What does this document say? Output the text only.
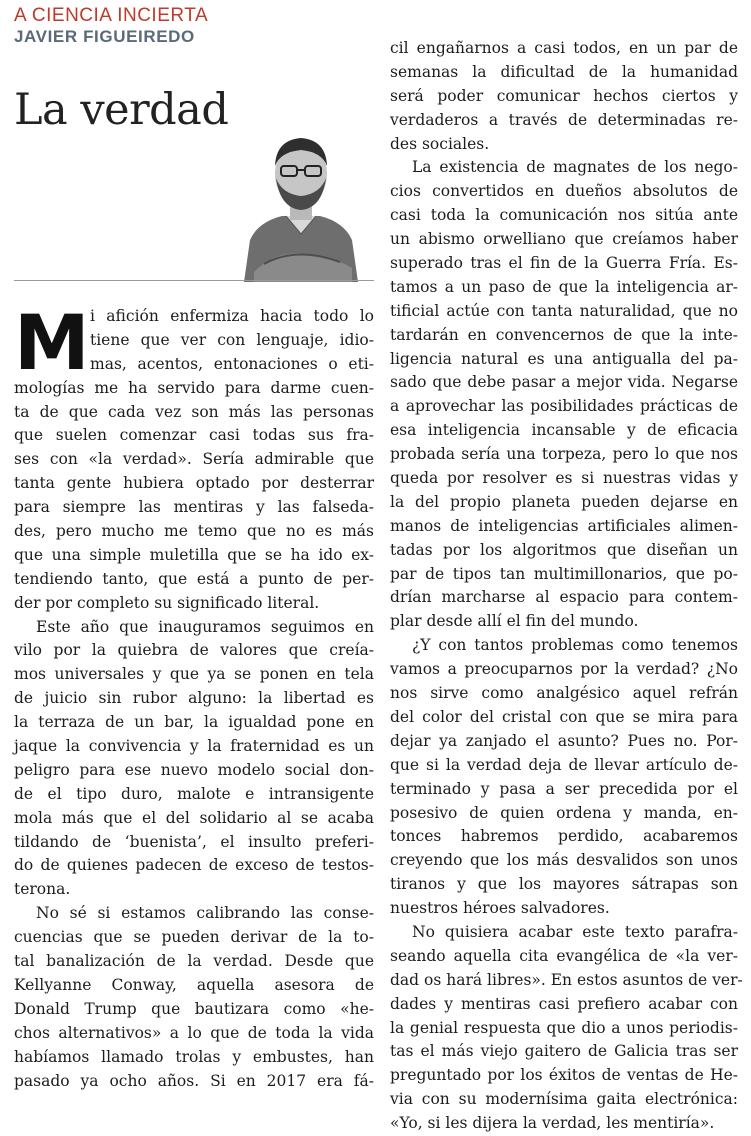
A CIENCIA INCIERTA
JAVIER FIGUEIREDO
La verdad
M i afición enfermiza hacia todo lo
tiene que ver con lenguaje, idio-
mas, acentos, entonaciones o eti-
mologías me ha servido para darme cuen-
ta de que cada vez son más las personas
que suelen comenzar casi todas sus fra-
ses con «la verdad». Sería admirable que
tanta gente hubiera optado por desterrar
para siempre las mentiras y las falseda-
des, pero mucho me temo que no es más
que una simple muletilla que se ha ido ex-
tendiendo tanto, que está a punto de per-
der por completo su significado literal.
Este año que inauguramos seguimos en
vilo por la quiebra de valores que creía-
mos universales y que ya se ponen en tela
de juicio sin rubor alguno: la libertad es
la terraza de un bar, la igualdad pone en
jaque la convivencia y la fraternidad es un
peligro para ese nuevo modelo social don-
de el tipo duro, malote e intransigente
mola más que el del solidario al se acaba
tildando de ‘buenista’, el insulto preferi-
do de quienes padecen de exceso de testos-
terona.
No sé si estamos calibrando las conse-
cuencias que se pueden derivar de la to-
tal banalización de la verdad. Desde que
Kellyanne Conway, aquella asesora de
Donald Trump que bautizara como «he-
chos alternativos» a lo que de toda la vida
habíamos llamado trolas y embustes, han
pasado ya ocho años. Si en 2017 era fá-
cil engañarnos a casi todos, en un par de
semanas la dificultad de la humanidad
será poder comunicar hechos ciertos y
verdaderos a través de determinadas re-
des sociales.
La existencia de magnates de los nego-
cios convertidos en dueños absolutos de
casi toda la comunicación nos sitúa ante
un abismo orwelliano que creíamos haber
superado tras el fin de la Guerra Fría. Es-
tamos a un paso de que la inteligencia ar-
tificial actúe con tanta naturalidad, que no
tardarán en convencernos de que la inte-
ligencia natural es una antigualla del pa-
sado que debe pasar a mejor vida. Negarse
a aprovechar las posibilidades prácticas de
esa inteligencia incansable y de eficacia
probada sería una torpeza, pero lo que nos
queda por resolver es si nuestras vidas y
la del propio planeta pueden dejarse en
manos de inteligencias artificiales alimen-
tadas por los algoritmos que diseñan un
par de tipos tan multimillonarios, que po-
drían marcharse al espacio para contem-
plar desde allí el fin del mundo.
¿Y con tantos problemas como tenemos
vamos a preocuparnos por la verdad? ¿No
nos sirve como analgésico aquel refrán
del color del cristal con que se mira para
dejar ya zanjado el asunto? Pues no. Por-
que si la verdad deja de llevar artículo de-
terminado y pasa a ser precedida por el
posesivo de quien ordena y manda, en-
tonces habremos perdido, acabaremos
creyendo que los más desvalidos son unos
tiranos y que los mayores sátrapas son
nuestros héroes salvadores.
No quisiera acabar este texto parafra-
seando aquella cita evangélica de «la ver-
dad os hará libres». En estos asuntos de ver-
dades y mentiras casi prefiero acabar con
la genial respuesta que dio a unos periodis-
tas el más viejo gaitero de Galicia tras ser
preguntado por los éxitos de ventas de He-
via con su modernísima gaita electrónica:
«Yo, si les dijera la verdad, les mentiría».
